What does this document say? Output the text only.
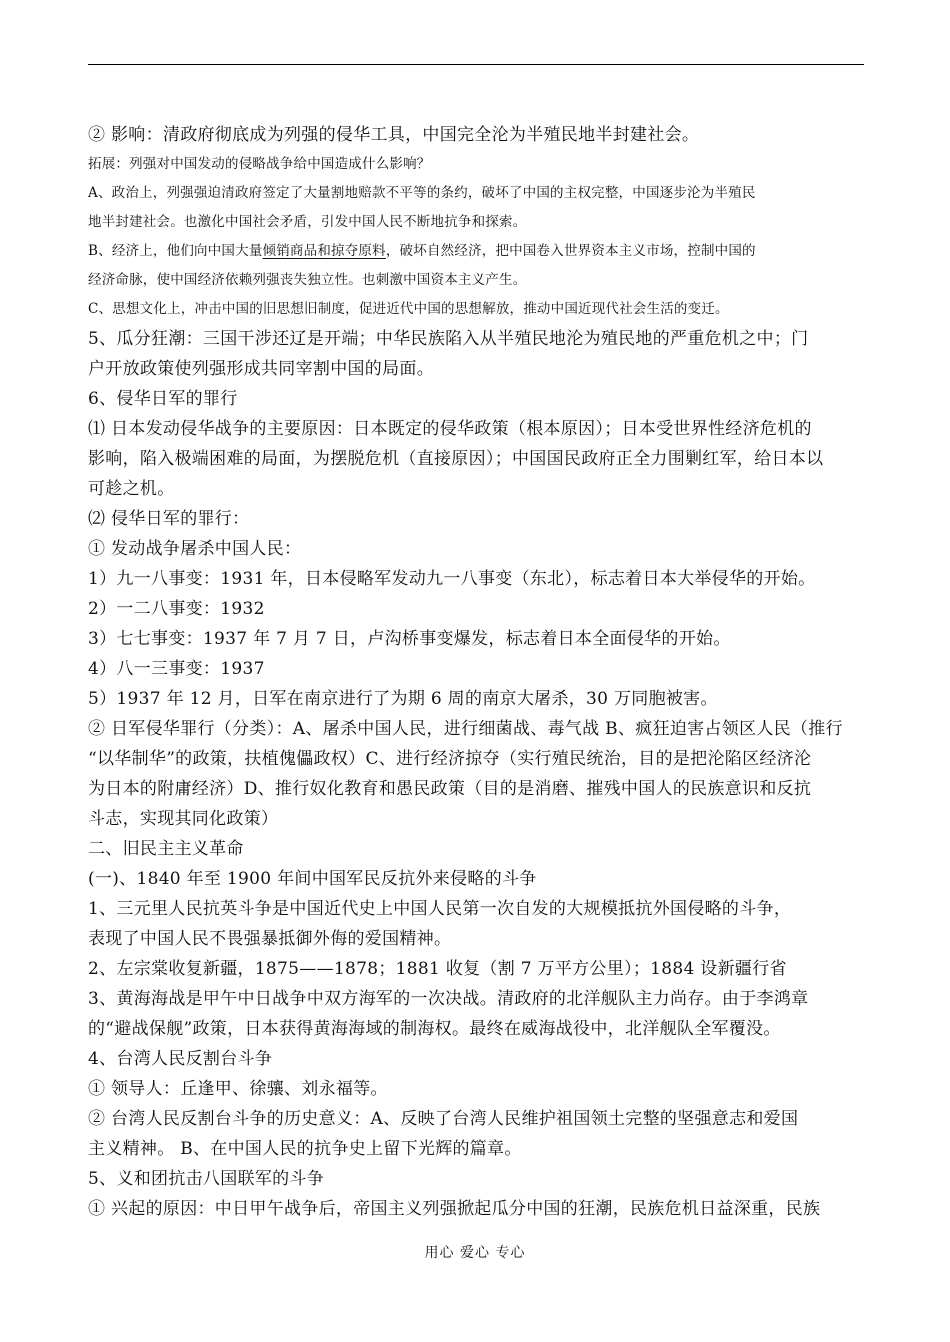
② 影响：清政府彻底成为列强的侵华工具，中国完全沦为半殖民地半封建社会。
拓展：列强对中国发动的侵略战争给中国造成什么影响？
A、政治上，列强强迫清政府签定了大量割地赔款不平等的条约，破坏了中国的主权完整，中国逐步沦为半殖民
地半封建社会。也激化中国社会矛盾，引发中国人民不断地抗争和探索。
B、经济上，他们向中国大量倾销商品和掠夺原料，破坏自然经济，把中国卷入世界资本主义市场，控制中国的
经济命脉，使中国经济依赖列强丧失独立性。也刺激中国资本主义产生。
C、思想文化上，冲击中国的旧思想旧制度，促进近代中国的思想解放，推动中国近现代社会生活的变迁。
5、瓜分狂潮：三国干涉还辽是开端；中华民族陷入从半殖民地沦为殖民地的严重危机之中；门
户开放政策使列强形成共同宰割中国的局面。
6、侵华日军的罪行
⑴ 日本发动侵华战争的主要原因：日本既定的侵华政策（根本原因）；日本受世界性经济危机的
影响，陷入极端困难的局面，为摆脱危机（直接原因）；中国国民政府正全力围剿红军，给日本以
可趁之机。
⑵ 侵华日军的罪行：
① 发动战争屠杀中国人民：
1）九一八事变：1931 年，日本侵略军发动九一八事变（东北），标志着日本大举侵华的开始。
2）一二八事变：1932
3）七七事变：1937 年 7 月 7 日，卢沟桥事变爆发，标志着日本全面侵华的开始。
4）八一三事变：1937
5）1937 年 12 月，日军在南京进行了为期 6 周的南京大屠杀，30 万同胞被害。
② 日军侵华罪行（分类）：A、屠杀中国人民，进行细菌战、毒气战 B、疯狂迫害占领区人民（推行
“以华制华”的政策，扶植傀儡政权）C、进行经济掠夺（实行殖民统治，目的是把沦陷区经济沦
为日本的附庸经济）D、推行奴化教育和愚民政策（目的是消磨、摧残中国人的民族意识和反抗
斗志，实现其同化政策）
二、旧民主主义革命
(一)、1840 年至 1900 年间中国军民反抗外来侵略的斗争
1、三元里人民抗英斗争是中国近代史上中国人民第一次自发的大规模抵抗外国侵略的斗争，
表现了中国人民不畏强暴抵御外侮的爱国精神。
2、左宗棠收复新疆，1875——1878；1881 收复（割 7 万平方公里）；1884 设新疆行省
3、黄海海战是甲午中日战争中双方海军的一次决战。清政府的北洋舰队主力尚存。由于李鸿章
的“避战保舰”政策，日本获得黄海海域的制海权。最终在威海战役中，北洋舰队全军覆没。
4、台湾人民反割台斗争
① 领导人：丘逢甲、徐骧、刘永福等。
② 台湾人民反割台斗争的历史意义：A、反映了台湾人民维护祖国领土完整的坚强意志和爱国
主义精神。 B、在中国人民的抗争史上留下光辉的篇章。
5、义和团抗击八国联军的斗争
① 兴起的原因：中日甲午战争后，帝国主义列强掀起瓜分中国的狂潮，民族危机日益深重，民族
用心 爱心 专心
